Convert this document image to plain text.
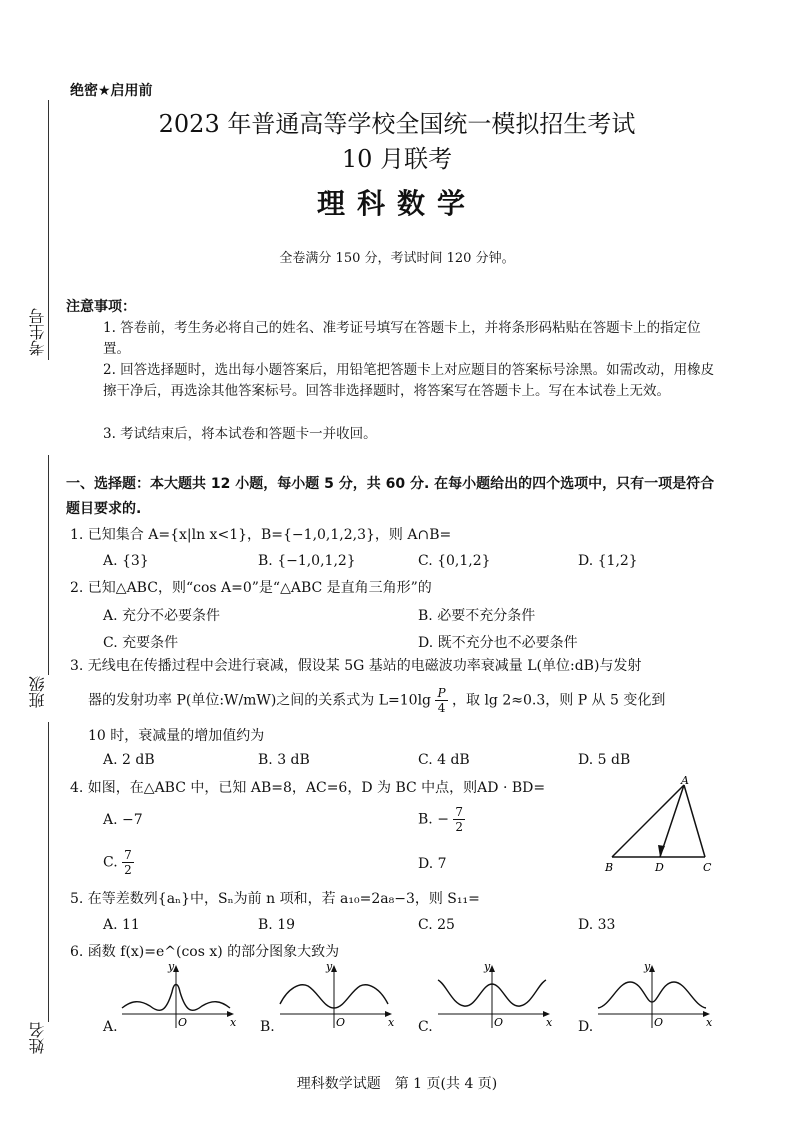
绝密★启用前
2023 年普通高等学校全国统一模拟招生考试
10 月联考
理科数学
全卷满分 150 分，考试时间 120 分钟。
考生号
班级
姓名
注意事项：
1. 答卷前，考生务必将自己的姓名、准考证号填写在答题卡上，并将条形码粘贴在答题卡上的指定位置。
2. 回答选择题时，选出每小题答案后，用铅笔把答题卡上对应题目的答案标号涂黑。如需改动，用橡皮擦干净后，再选涂其他答案标号。回答非选择题时，将答案写在答题卡上。写在本试卷上无效。
3. 考试结束后，将本试卷和答题卡一并收回。
一、选择题：本大题共 12 小题，每小题 5 分，共 60 分. 在每小题给出的四个选项中，只有一项是符合题目要求的.
1. 已知集合 A={x|ln x<1}，B={−1,0,1,2,3}，则 A∩B=
A. {3}	B. {−1,0,1,2}	C. {0,1,2}	D. {1,2}
2. 已知△ABC，则“cos A=0”是“△ABC 是直角三角形”的
A. 充分不必要条件	B. 必要不充分条件
C. 充要条件	D. 既不充分也不必要条件
3. 无线电在传播过程中会进行衰减，假设某 5G 基站的电磁波功率衰减量 L(单位:dB)与发射
器的发射功率 P(单位:W/mW)之间的关系式为 $L=10\lg \frac{P}{4}$ ，取 lg 2≈0.3，则 P 从 5 变化到
10 时，衰减量的增加值约为
A. 2 dB	B. 3 dB	C. 4 dB	D. 5 dB
4. 如图，在△ABC 中，已知 AB=8，AC=6，D 为 BC 中点，则AD · BD=
A. −7	B. − $\frac{7}{2}$
C. $\frac{7}{2}$	D. 7
A
B	D	C
5. 在等差数列{aₙ}中，Sₙ为前 n 项和，若 a₁₀=2a₈−3，则 S₁₁=
A. 11	B. 19	C. 25	D. 33
6. 函数 f(x)=e^(cos x) 的部分图象大致为
A.	B.	C.	D.
O
y
x	O
y
x	O
y
x	O
y
x
理科数学试题　第 1 页(共 4 页)
